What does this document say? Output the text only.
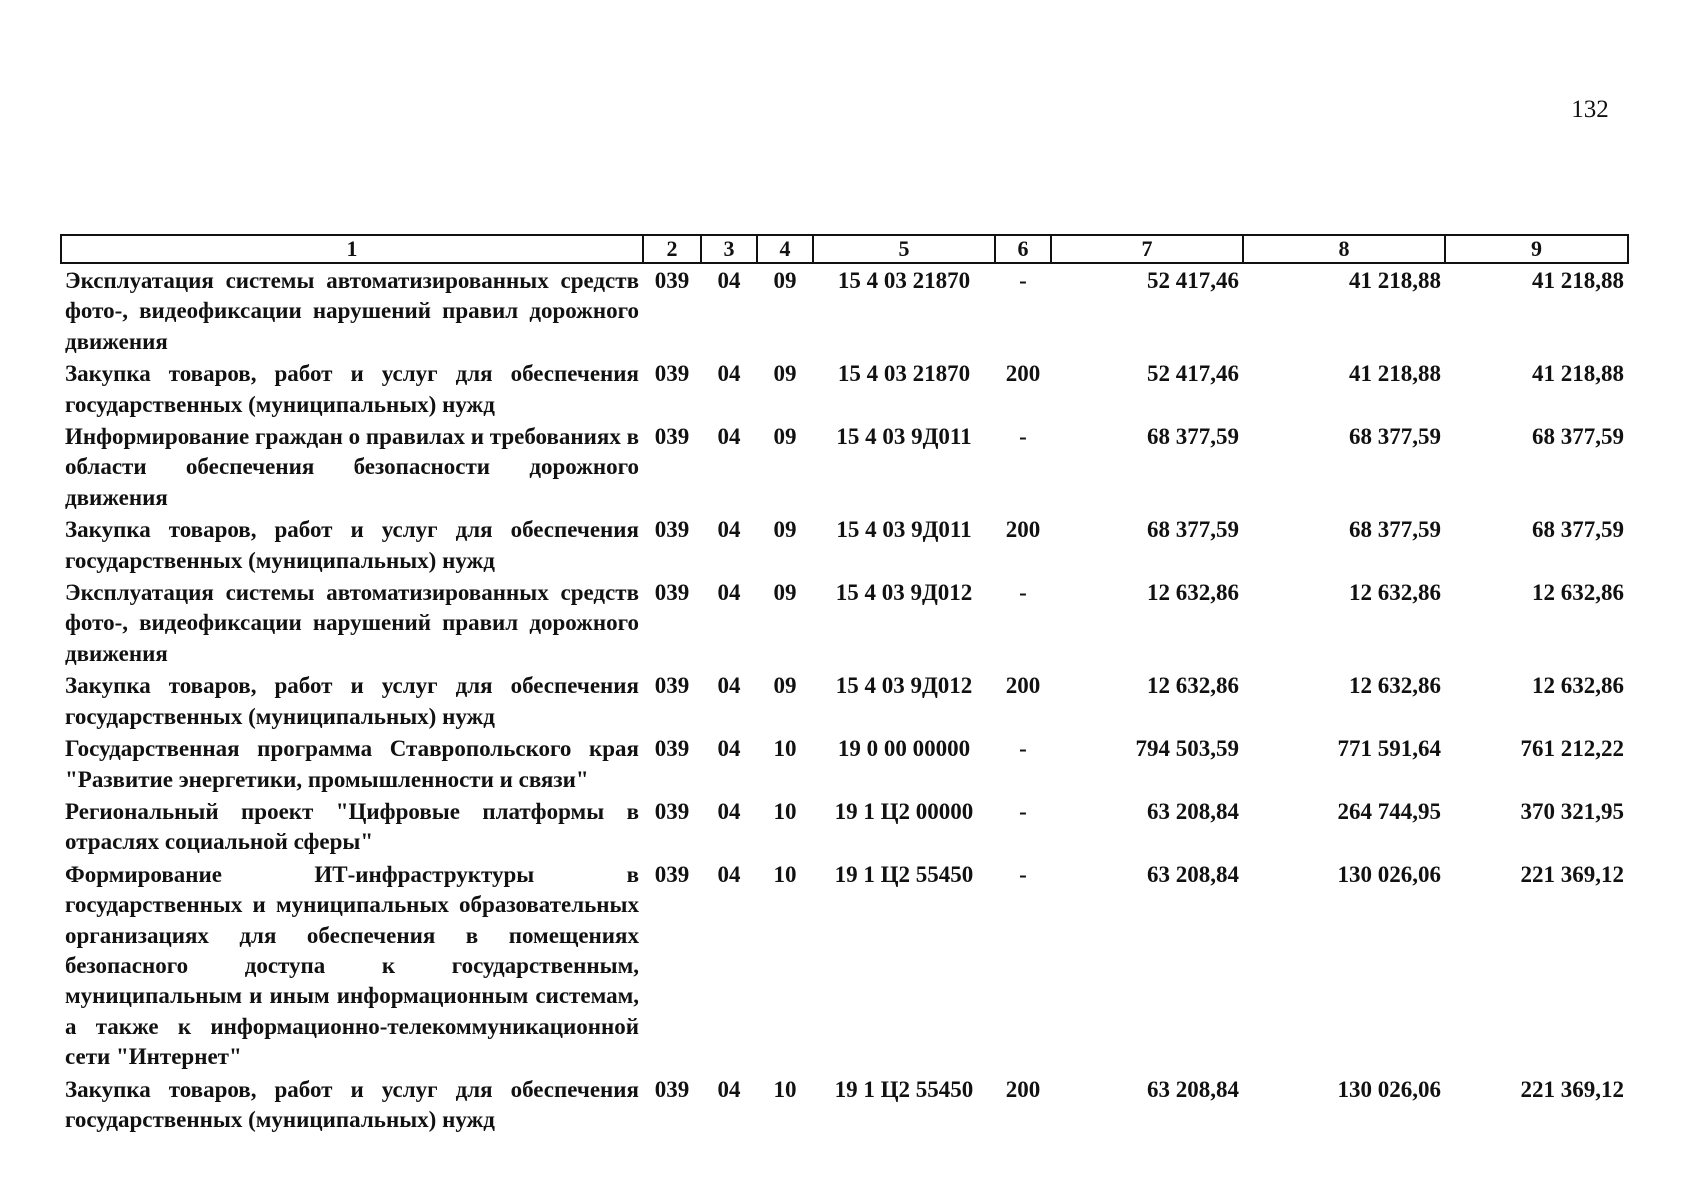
132
1	2	3	4	5	6	7	8	9
Эксплуатация системы автоматизированных средств фото-, видеофиксации нарушений правил дорожного движения	039	04	09	15 4 03 21870	-	52 417,46	41 218,88	41 218,88
Закупка товаров, работ и услуг для обеспечения государственных (муниципальных) нужд	039	04	09	15 4 03 21870	200	52 417,46	41 218,88	41 218,88
Информирование граждан о правилах и требованиях в области обеспечения безопасности дорожного движения	039	04	09	15 4 03 9Д011	-	68 377,59	68 377,59	68 377,59
Закупка товаров, работ и услуг для обеспечения государственных (муниципальных) нужд	039	04	09	15 4 03 9Д011	200	68 377,59	68 377,59	68 377,59
Эксплуатация системы автоматизированных средств фото-, видеофиксации нарушений правил дорожного движения	039	04	09	15 4 03 9Д012	-	12 632,86	12 632,86	12 632,86
Закупка товаров, работ и услуг для обеспечения государственных (муниципальных) нужд	039	04	09	15 4 03 9Д012	200	12 632,86	12 632,86	12 632,86
Государственная программа Ставропольского края "Развитие энергетики, промышленности и связи"	039	04	10	19 0 00 00000	-	794 503,59	771 591,64	761 212,22
Региональный проект "Цифровые платформы в отраслях социальной сферы"	039	04	10	19 1 Ц2 00000	-	63 208,84	264 744,95	370 321,95
Формирование ИТ-инфраструктуры в государственных и муниципальных образовательных организациях для обеспечения в помещениях безопасного доступа к государственным, муниципальным и иным информационным системам, а также к информационно-телекоммуникационной сети "Интернет"	039	04	10	19 1 Ц2 55450	-	63 208,84	130 026,06	221 369,12
Закупка товаров, работ и услуг для обеспечения государственных (муниципальных) нужд	039	04	10	19 1 Ц2 55450	200	63 208,84	130 026,06	221 369,12
